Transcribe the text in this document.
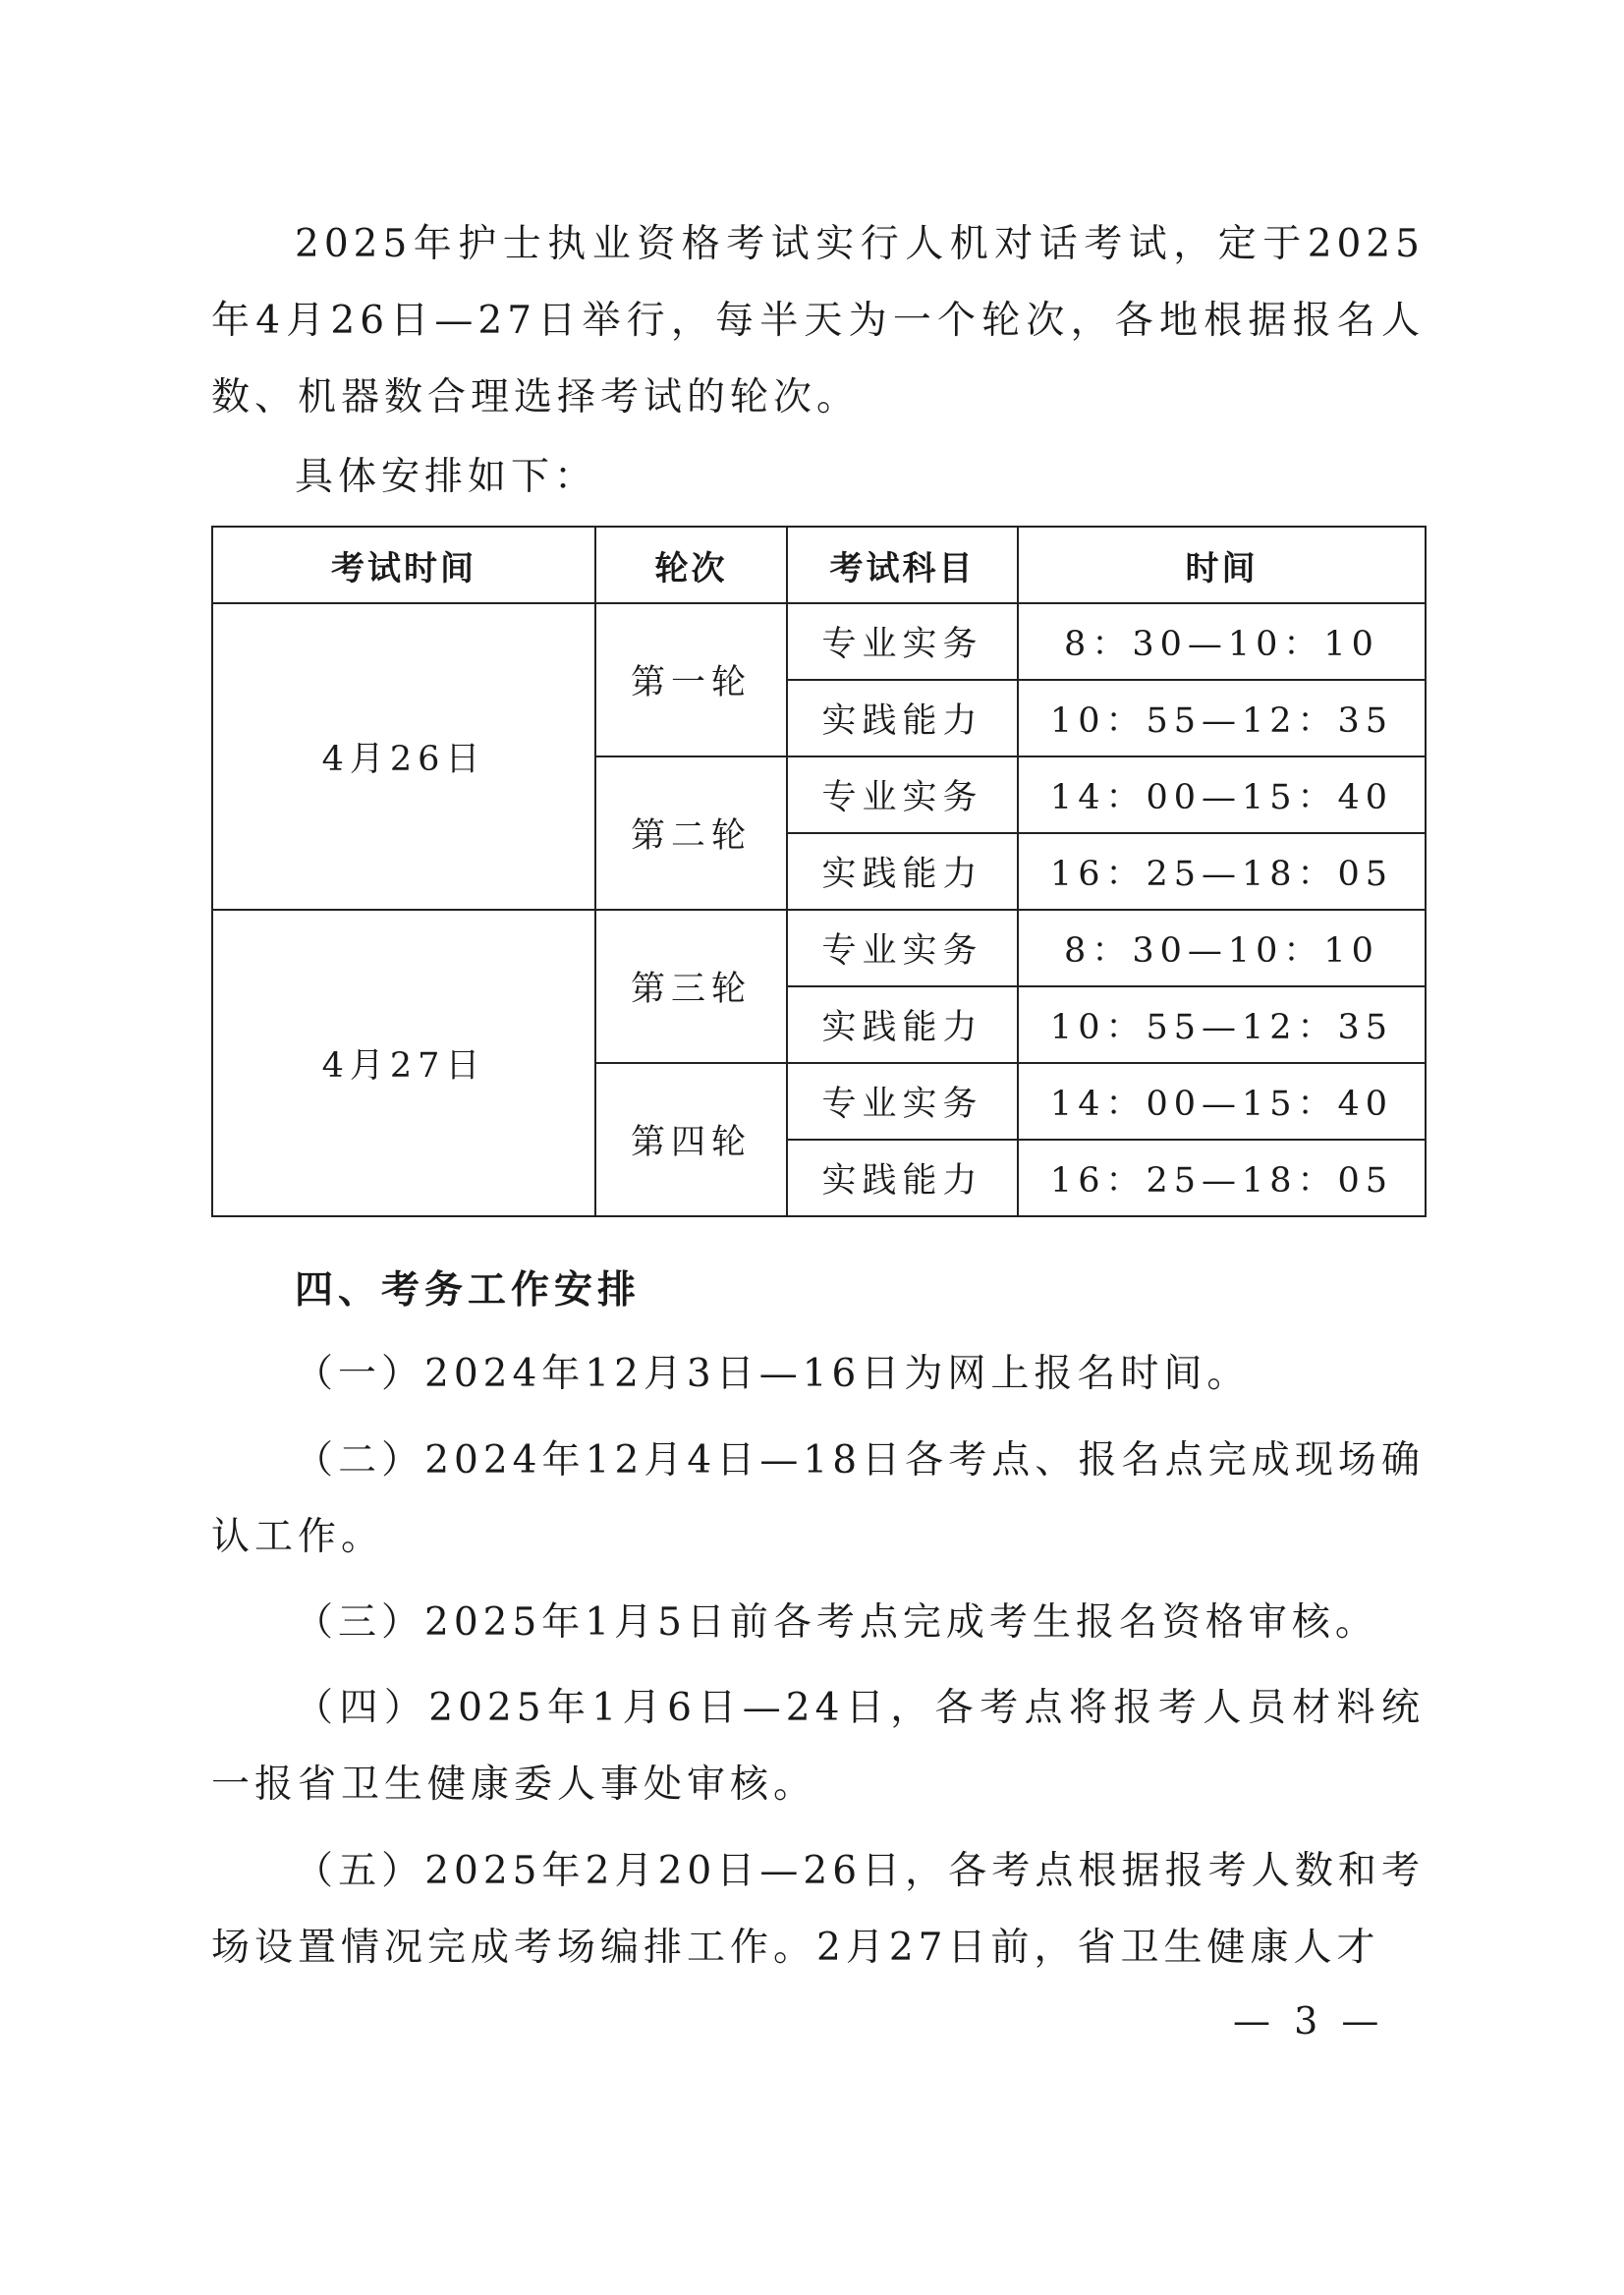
2025年护士执业资格考试实行人机对话考试，定于2025年4月26日—27日举行，每半天为一个轮次，各地根据报名人数、机器数合理选择考试的轮次。

具体安排如下：

考试时间	轮次	考试科目	时间
4月26日	第一轮	专业实务	8：30—10：10
		实践能力	10：55—12：35
	第二轮	专业实务	14：00—15：40
		实践能力	16：25—18：05
4月27日	第三轮	专业实务	8：30—10：10
		实践能力	10：55—12：35
	第四轮	专业实务	14：00—15：40
		实践能力	16：25—18：05
四、考务工作安排

（一）2024年12月3日—16日为网上报名时间。

（二）2024年12月4日—18日各考点、报名点完成现场确认工作。

（三）2025年1月5日前各考点完成考生报名资格审核。

（四）2025年1月6日—24日，各考点将报考人员材料统一报省卫生健康委人事处审核。

（五）2025年2月20日—26日，各考点根据报考人数和考场设置情况完成考场编排工作。2月27日前，省卫生健康人才

— 3 —
